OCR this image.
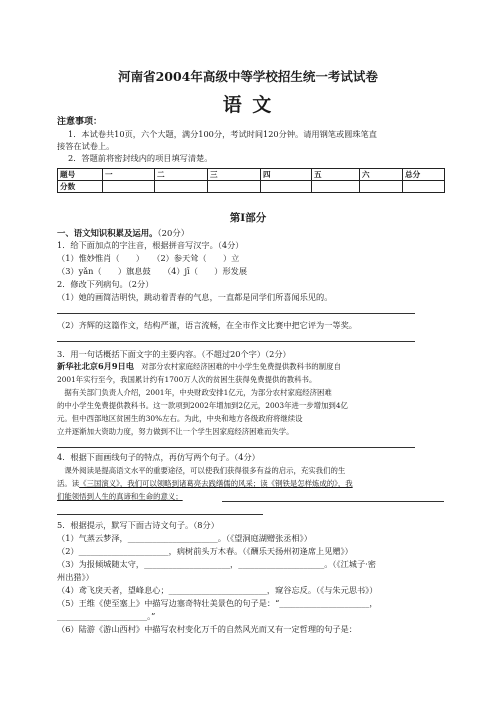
河南省2004年高级中等学校招生统一考试试卷
语 文
注意事项：
1．本试卷共10页，六个大题，满分100分，考试时间120分钟。请用钢笔或圆珠笔直
接答在试卷上。
2．答题前将密封线内的项目填写清楚。
题号	一	二	三	四	五	六	总分
分数							
第Ⅰ部分
一、语文知识积累及运用。（20分）
1．给下面加点的字注音，根据拼音写汉字。（4分）
（1）惟妙惟肖（　　）　　（2）参天耸（　　）立
（3）yǎn（　　）旗息鼓　　（4）jī（　　）形发展
2．修改下列病句。（2分）
（1）她的画简洁明快，跳动着青春的气息，一直都是同学们所喜闻乐见的。
（2）齐辉的这篇作文，结构严谨，语言流畅，在全市作文比赛中把它评为一等奖。
3．用一句话概括下面文字的主要内容。（不超过20个字）（2分）
新华社北京6月9日电　对部分农村家庭经济困难的中小学生免费提供教科书的制度自
2001年实行至今，我国累计约有1700万人次的贫困生获得免费提供的教科书。
　据有关部门负责人介绍，2001年，中央财政安排1亿元，为部分农村家庭经济困难
的中小学生免费提供教科书。这一款项到2002年增加到2亿元，2003年进一步增加到4亿
元。但中西部地区贫困生的30%左右。为此，中央和地方各级政府将继续设
立并逐渐加大资助力度，努力做到不让一个学生因家庭经济困难而失学。
4．根据下面画线句子的特点，再仿写两个句子。（4分）
　课外阅读是提高语文水平的重要途径，可以使我们获得很多有益的启示，充实我们的生
活。读《三国演义》，我们可以领略到诸葛亮去践缮儒的风采；读《钢铁是怎样炼成的》，我
们能领悟到人生的真谛和生命的意义；
5．根据提示，默写下面古诗文句子。（8分）
（1）气蒸云梦泽，______________________。（《望洞庭湖赠张丞相》）
（2）______________________，病树前头万木春。（《酬乐天扬州初逢席上见赠》）
（3）为报倾城随太守，_____________________，_____________________。（《江城子·密
州出猎》）
（4）鸢飞戾天者，望峰息心；________________________，窥谷忘反。（《与朱元思书》）
（5）王维《使至塞上》中描写边塞奇特壮美景色的句子是：“______________________，
______________________。”
（6）陆游《游山西村》中描写农村变化万千的自然风光而又有一定哲理的句子是：
